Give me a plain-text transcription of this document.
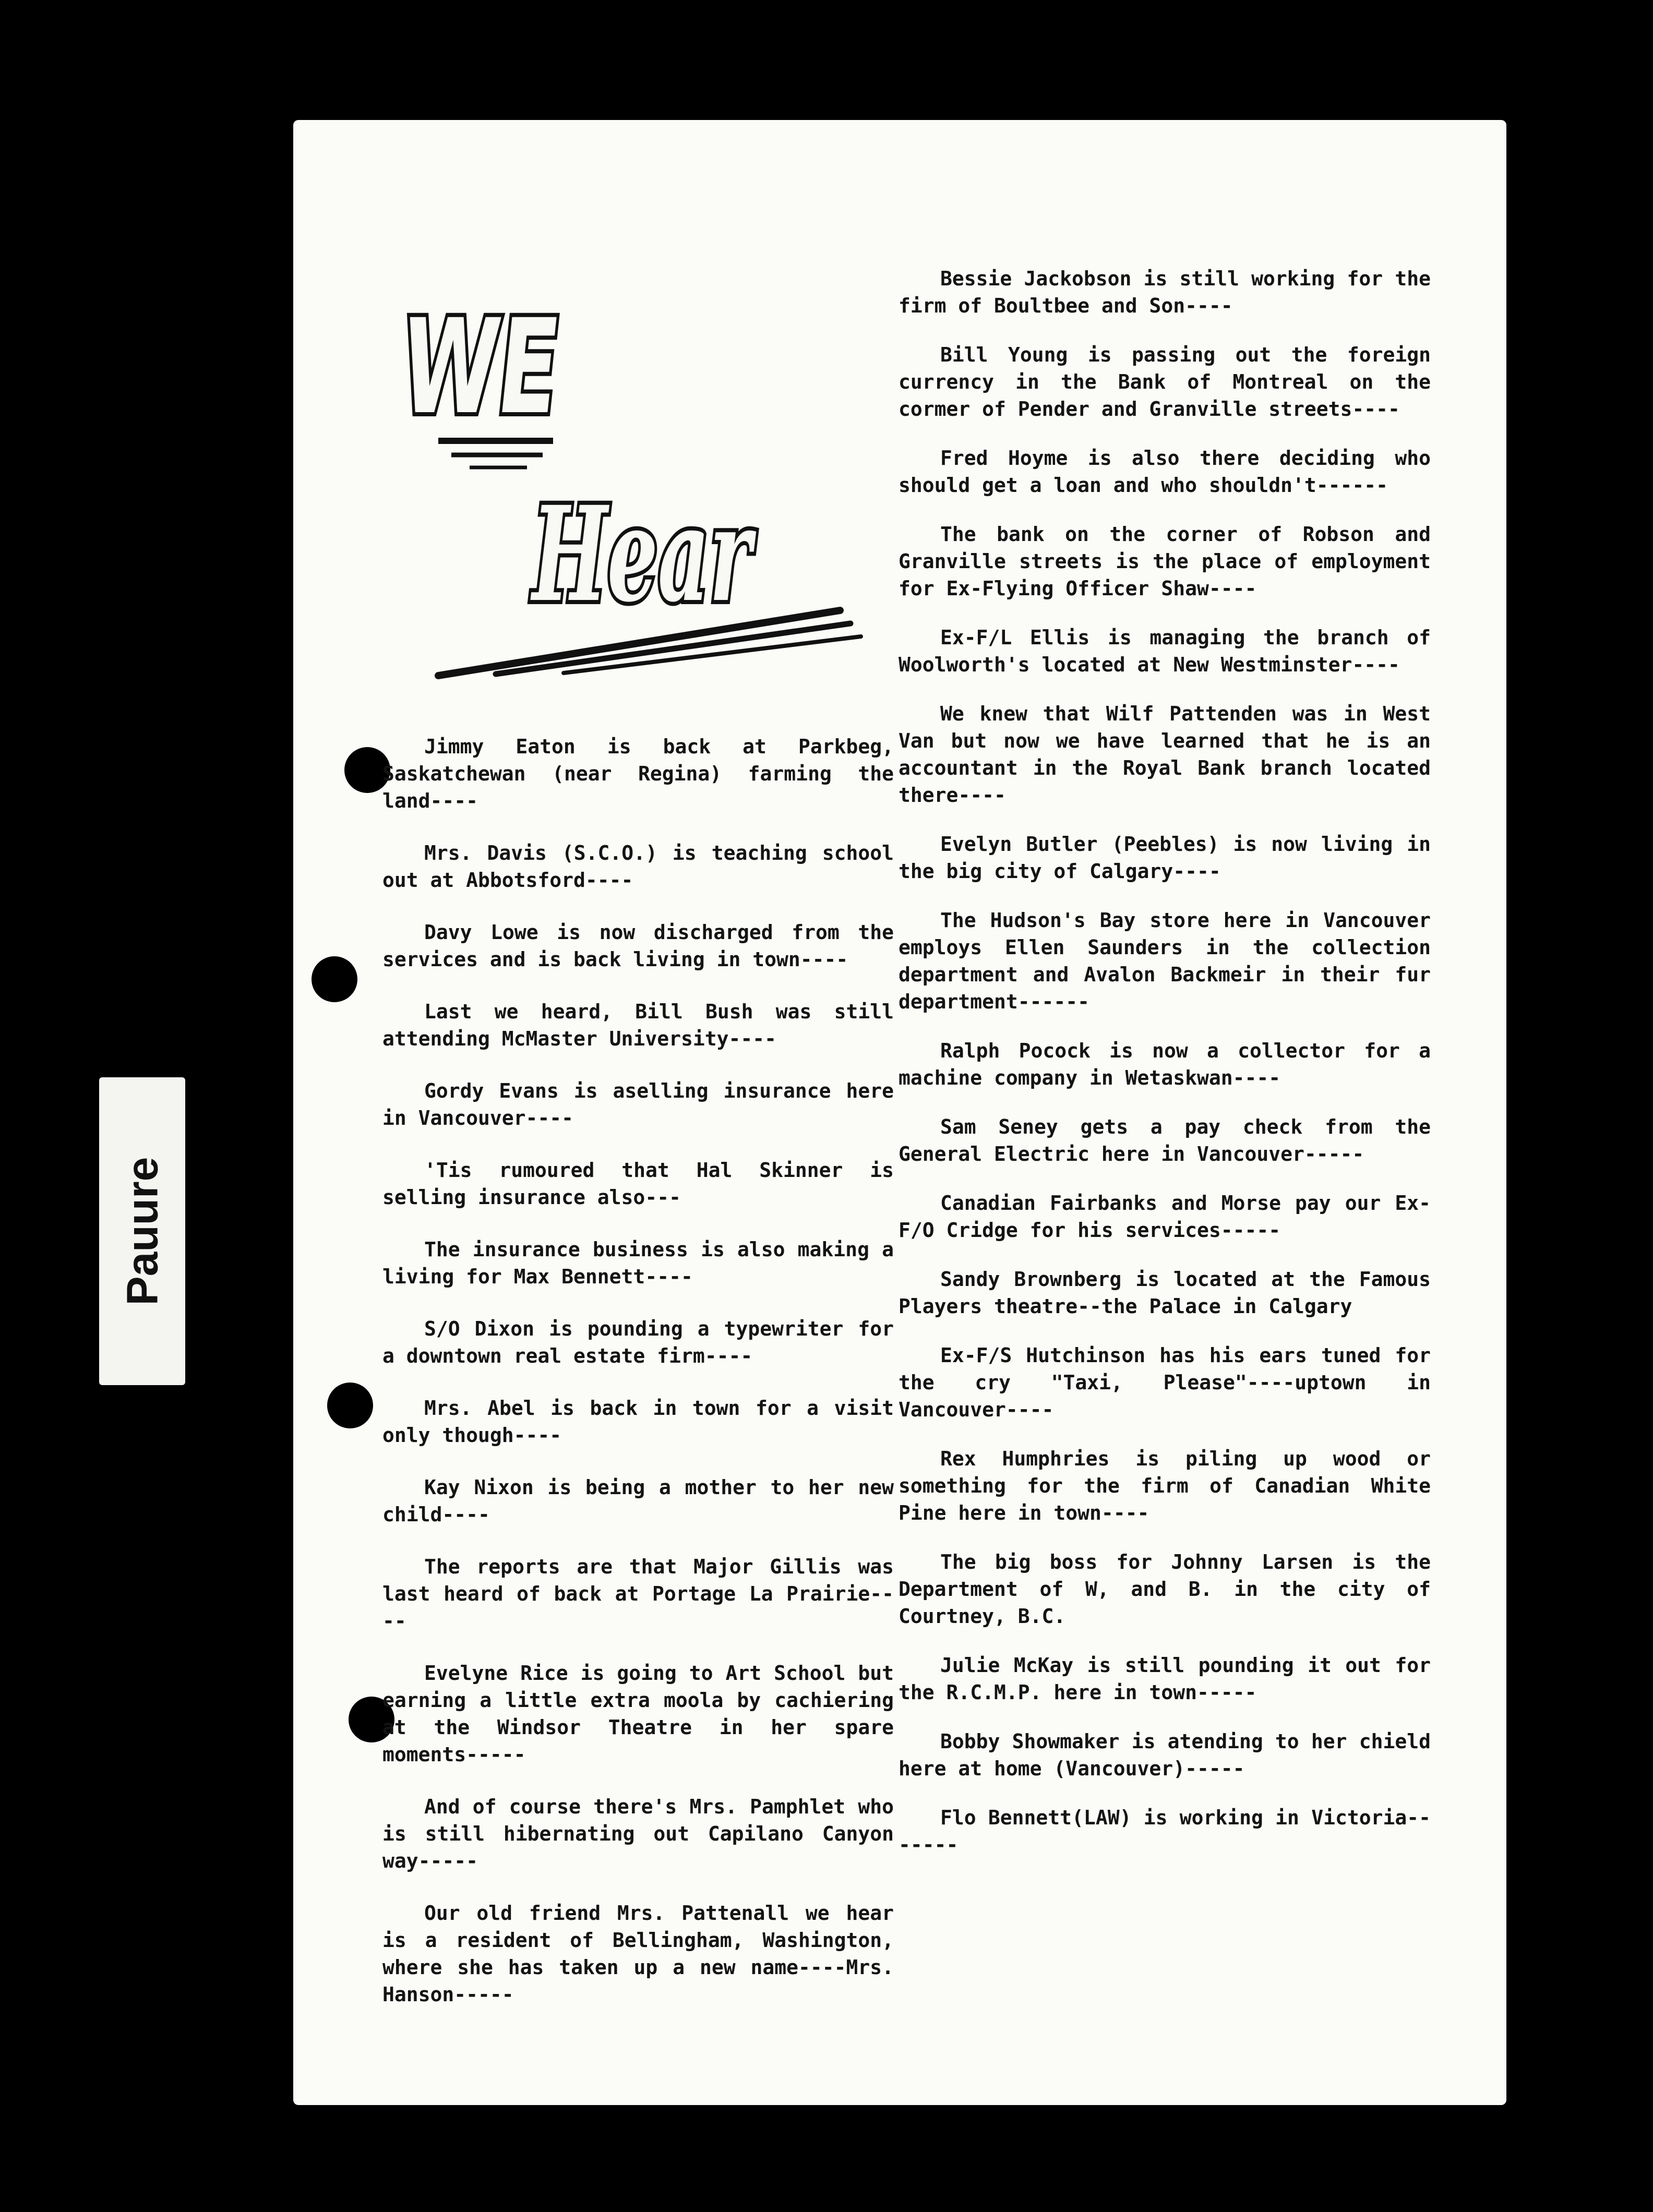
Pauure
WE
Hear

Jimmy Eaton is back at Parkbeg, Saskatchewan (near Regina) farming the land----

Mrs. Davis (S.C.O.) is teaching school out at Abbotsford----

Davy Lowe is now discharged from the services and is back living in town----

Last we heard, Bill Bush was still attending McMaster University----

Gordy Evans is aselling insurance here in Vancouver----

'Tis rumoured that Hal Skinner is selling insurance also---

The insurance business is also making a living for Max Bennett----

S/O Dixon is pounding a typewriter for a downtown real estate firm----

Mrs. Abel is back in town for a visit only though----

Kay Nixon is being a mother to her new child----

The reports are that Major Gillis was last heard of back at Portage La Prairie----

Evelyne Rice is going to Art School but earning a little extra moola by cachiering at the Windsor Theatre in her spare moments-----

And of course there's Mrs. Pamphlet who is still hibernating out Capilano Canyon way-----

Our old friend Mrs. Pattenall we hear is a resident of Bellingham, Washington, where she has taken up a new name----Mrs. Hanson-----

Bessie Jackobson is still working for the firm of Boultbee and Son----

Bill Young is passing out the foreign currency in the Bank of Montreal on the cormer of Pender and Granville streets----

Fred Hoyme is also there deciding who should get a loan and who shouldn't------

The bank on the corner of Robson and Granville streets is the place of employment for Ex-Flying Officer Shaw----

Ex-F/L Ellis is managing the branch of Woolworth's located at New Westminster----

We knew that Wilf Pattenden was in West Van but now we have learned that he is an accountant in the Royal Bank branch located there----

Evelyn Butler (Peebles) is now living in the big city of Calgary----

The Hudson's Bay store here in Vancouver employs Ellen Saunders in the collection department and Avalon Backmeir in their fur department------

Ralph Pocock is now a collector for a machine company in Wetaskwan----

Sam Seney gets a pay check from the General Electric here in Vancouver-----

Canadian Fairbanks and Morse pay our Ex-F/O Cridge for his services-----

Sandy Brownberg is located at the Famous Players theatre--the Palace in Calgary

Ex-F/S Hutchinson has his ears tuned for the cry "Taxi, Please"----uptown in Vancouver----

Rex Humphries is piling up wood or something for the firm of Canadian White Pine here in town----

The big boss for Johnny Larsen is the Department of W, and B. in the city of Courtney, B.C.

Julie McKay is still pounding it out for the R.C.M.P. here in town-----

Bobby Showmaker is atending to her chield here at home (Vancouver)-----

Flo Bennett(LAW) is working in Victoria-------
